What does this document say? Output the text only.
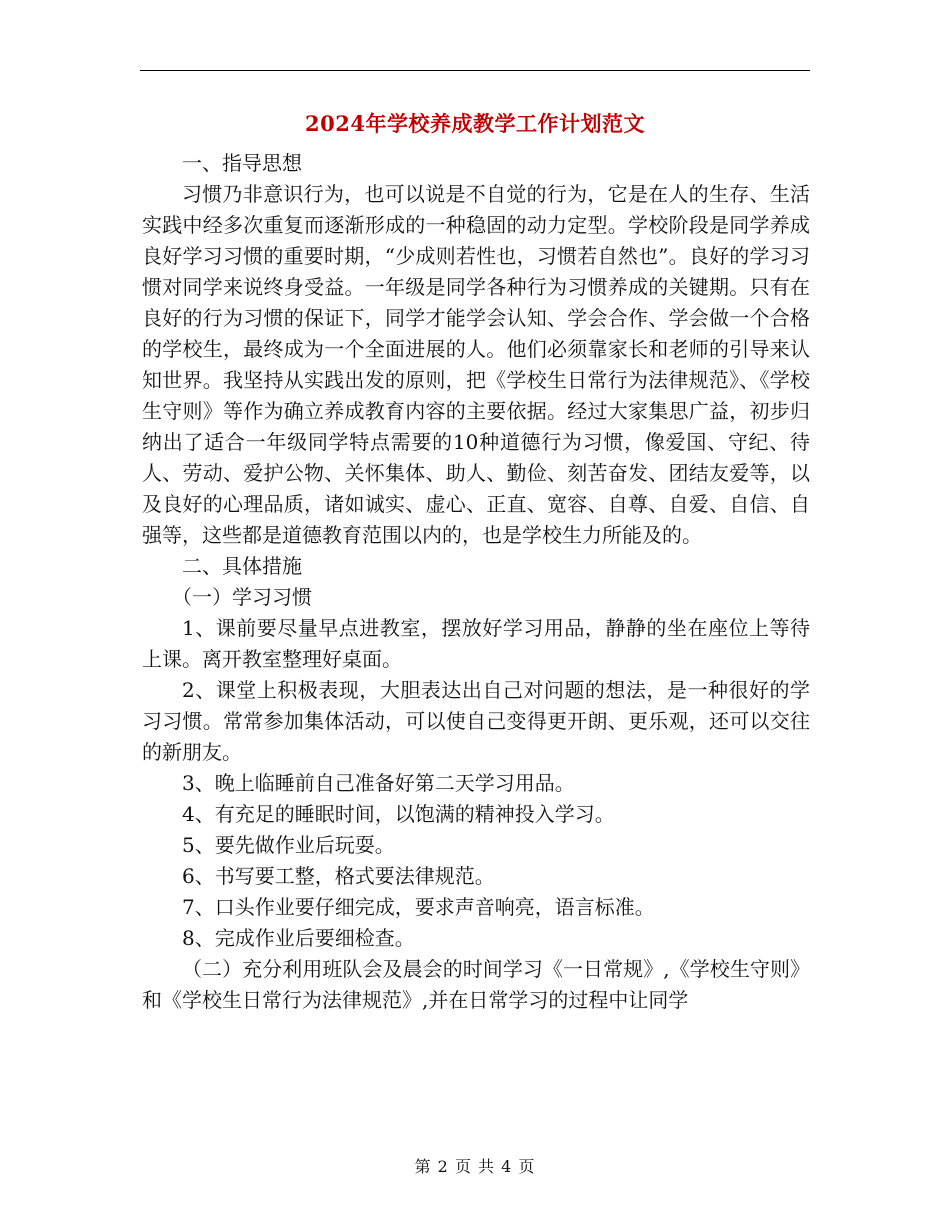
2024年学校养成教学工作计划范文

一、指导思想

习惯乃非意识行为，也可以说是不自觉的行为，它是在人的生存、生活实践中经多次重复而逐渐形成的一种稳固的动力定型。学校阶段是同学养成良好学习习惯的重要时期，“少成则若性也，习惯若自然也”。良好的学习习惯对同学来说终身受益。一年级是同学各种行为习惯养成的关键期。只有在良好的行为习惯的保证下，同学才能学会认知、学会合作、学会做一个合格的学校生，最终成为一个全面进展的人。他们必须靠家长和老师的引导来认知世界。我坚持从实践出发的原则，把《学校生日常行为法律规范》、《学校生守则》等作为确立养成教育内容的主要依据。经过大家集思广益，初步归纳出了适合一年级同学特点需要的10种道德行为习惯，像爱国、守纪、待人、劳动、爱护公物、关怀集体、助人、勤俭、刻苦奋发、团结友爱等，以及良好的心理品质，诸如诚实、虚心、正直、宽容、自尊、自爱、自信、自强等，这些都是道德教育范围以内的，也是学校生力所能及的。

二、具体措施

（一）学习习惯

1、课前要尽量早点进教室，摆放好学习用品，静静的坐在座位上等待上课。离开教室整理好桌面。

2、课堂上积极表现，大胆表达出自己对问题的想法，是一种很好的学习习惯。常常参加集体活动，可以使自己变得更开朗、更乐观，还可以交往的新朋友。

3、晚上临睡前自己准备好第二天学习用品。

4、有充足的睡眠时间，以饱满的精神投入学习。

5、要先做作业后玩耍。

6、书写要工整，格式要法律规范。

7、口头作业要仔细完成，要求声音响亮，语言标准。

8、完成作业后要细检查。

（二）充分利用班队会及晨会的时间学习《一日常规》,《学校生守则》和《学校生日常行为法律规范》,并在日常学习的过程中让同学

第 2 页 共 4 页
